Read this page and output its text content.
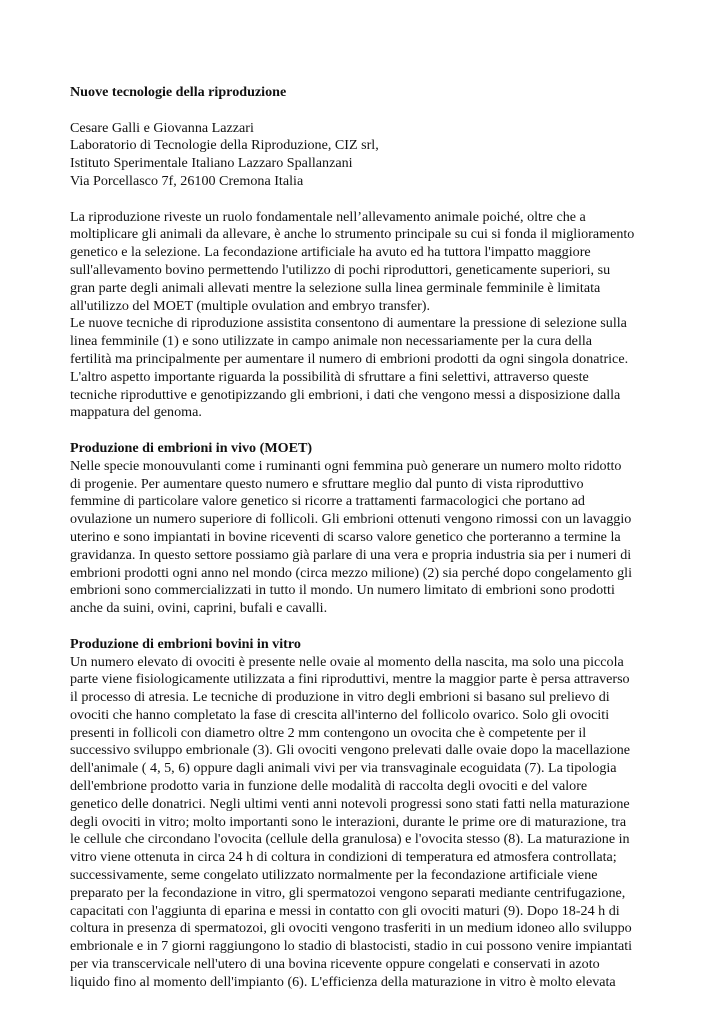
Nuove tecnologie della riproduzione
Cesare Galli e Giovanna Lazzari
Laboratorio di Tecnologie della Riproduzione, CIZ srl,
Istituto Sperimentale Italiano Lazzaro Spallanzani
Via Porcellasco 7f, 26100 Cremona Italia
La riproduzione riveste un ruolo fondamentale nell’allevamento animale poiché, oltre che a
moltiplicare gli animali da allevare, è anche lo strumento principale su cui si fonda il miglioramento
genetico e la selezione. La fecondazione artificiale ha avuto ed ha tuttora l'impatto maggiore
sull'allevamento bovino permettendo l'utilizzo di pochi riproduttori, geneticamente superiori, su
gran parte degli animali allevati mentre la selezione sulla linea germinale femminile è limitata
all'utilizzo del MOET (multiple ovulation and embryo transfer).
Le nuove tecniche di riproduzione assistita consentono di aumentare la pressione di selezione sulla
linea femminile (1) e sono utilizzate in campo animale non necessariamente per la cura della
fertilità ma principalmente per aumentare il numero di embrioni prodotti da ogni singola donatrice.
L'altro aspetto importante riguarda la possibilità di sfruttare a fini selettivi, attraverso queste
tecniche riproduttive e genotipizzando gli embrioni, i dati che vengono messi a disposizione dalla
mappatura del genoma.
Produzione di embrioni in vivo (MOET)
Nelle specie monouvulanti come i ruminanti ogni femmina può generare un numero molto ridotto
di progenie. Per aumentare questo numero e sfruttare meglio dal punto di vista riproduttivo
femmine di particolare valore genetico si ricorre a trattamenti farmacologici che portano ad
ovulazione un numero superiore di follicoli. Gli embrioni ottenuti vengono rimossi con un lavaggio
uterino e sono impiantati in bovine riceventi di scarso valore genetico che porteranno a termine la
gravidanza. In questo settore possiamo già parlare di una vera e propria industria sia per i numeri di
embrioni prodotti ogni anno nel mondo (circa mezzo milione) (2) sia perché dopo congelamento gli
embrioni sono commercializzati in tutto il mondo. Un numero limitato di embrioni sono prodotti
anche da suini, ovini, caprini, bufali e cavalli.
Produzione di embrioni bovini in vitro
Un numero elevato di ovociti è presente nelle ovaie al momento della nascita, ma solo una piccola
parte viene fisiologicamente utilizzata a fini riproduttivi, mentre la maggior parte è persa attraverso
il processo di atresia. Le tecniche di produzione in vitro degli embrioni si basano sul prelievo di
ovociti che hanno completato la fase di crescita all'interno del follicolo ovarico. Solo gli ovociti
presenti in follicoli con diametro oltre 2 mm contengono un ovocita che è competente per il
successivo sviluppo embrionale (3). Gli ovociti vengono prelevati dalle ovaie dopo la macellazione
dell'animale ( 4, 5, 6) oppure dagli animali vivi per via transvaginale ecoguidata (7). La tipologia
dell'embrione prodotto varia in funzione delle modalità di raccolta degli ovociti e del valore
genetico delle donatrici. Negli ultimi venti anni notevoli progressi sono stati fatti nella maturazione
degli ovociti in vitro; molto importanti sono le interazioni, durante le prime ore di maturazione, tra
le cellule che circondano l'ovocita (cellule della granulosa) e l'ovocita stesso (8). La maturazione in
vitro viene ottenuta in circa 24 h di coltura in condizioni di temperatura ed atmosfera controllata;
successivamente, seme congelato utilizzato normalmente per la fecondazione artificiale viene
preparato per la fecondazione in vitro, gli spermatozoi vengono separati mediante centrifugazione,
capacitati con l'aggiunta di eparina e messi in contatto con gli ovociti maturi (9). Dopo 18-24 h di
coltura in presenza di spermatozoi, gli ovociti vengono trasferiti in un medium idoneo allo sviluppo
embrionale e in 7 giorni raggiungono lo stadio di blastocisti, stadio in cui possono venire impiantati
per via transcervicale nell'utero di una bovina ricevente oppure congelati e conservati in azoto
liquido fino al momento dell'impianto (6). L'efficienza della maturazione in vitro è molto elevata
